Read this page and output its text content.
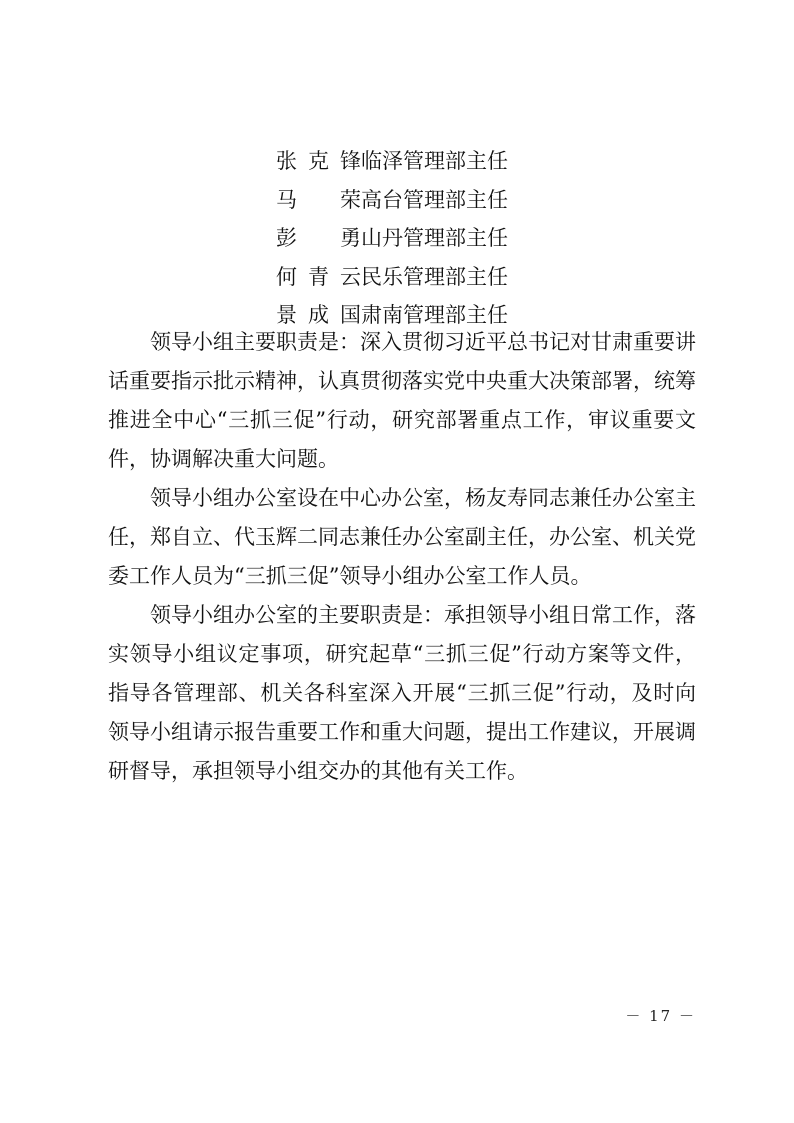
张克锋临泽管理部主任
马　荣高台管理部主任
彭　勇山丹管理部主任
何青云民乐管理部主任
景成国肃南管理部主任

领导小组主要职责是：深入贯彻习近平总书记对甘肃重要讲话重要指示批示精神，认真贯彻落实党中央重大决策部署，统筹推进全中心“三抓三促”行动，研究部署重点工作，审议重要文件，协调解决重大问题。

领导小组办公室设在中心办公室，杨友寿同志兼任办公室主任，郑自立、代玉辉二同志兼任办公室副主任，办公室、机关党委工作人员为“三抓三促”领导小组办公室工作人员。

领导小组办公室的主要职责是：承担领导小组日常工作，落实领导小组议定事项，研究起草“三抓三促”行动方案等文件，指导各管理部、机关各科室深入开展“三抓三促”行动，及时向领导小组请示报告重要工作和重大问题，提出工作建议，开展调研督导，承担领导小组交办的其他有关工作。

－ 17 －
